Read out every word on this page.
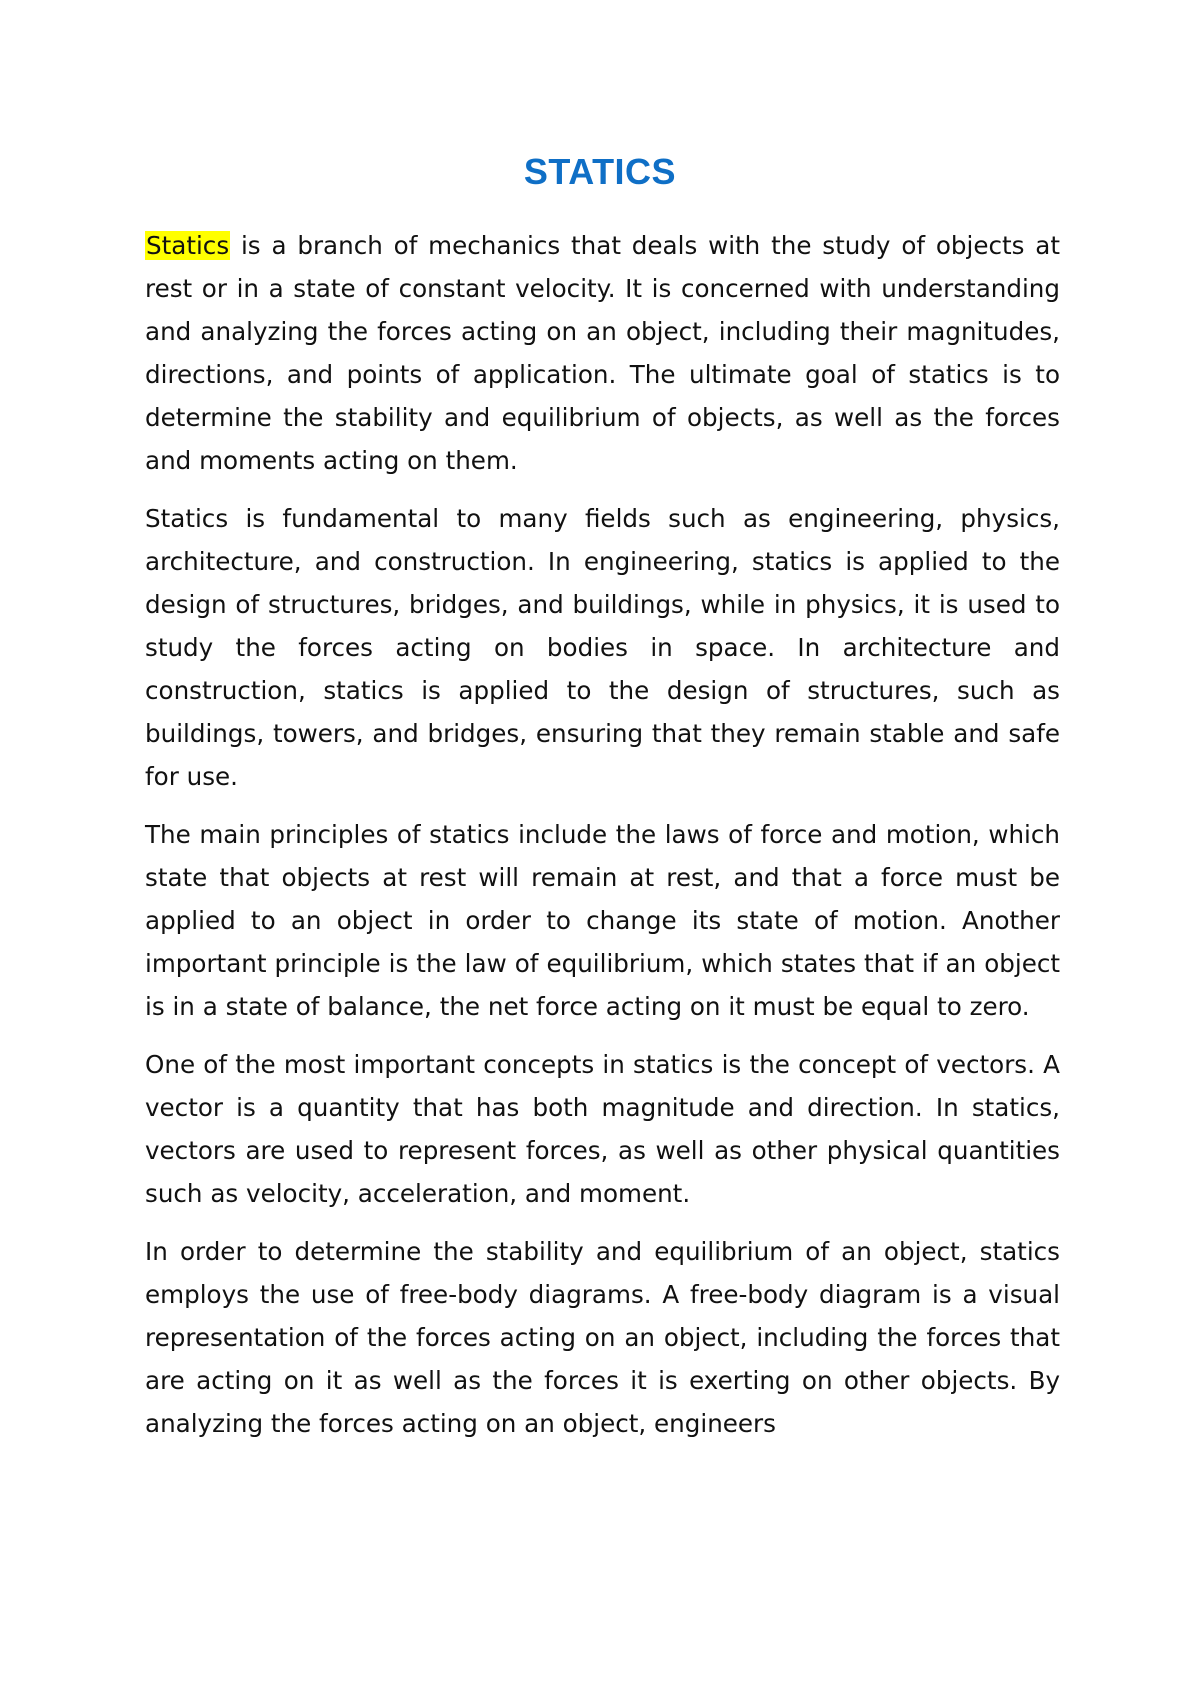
STATICS

Statics is a branch of mechanics that deals with the study of objects at rest or in a state of constant velocity. It is concerned with understanding and analyzing the forces acting on an object, including their magnitudes, directions, and points of application. The ultimate goal of statics is to determine the stability and equilibrium of objects, as well as the forces and moments acting on them.

Statics is fundamental to many fields such as engineering, physics, architecture, and construction. In engineering, statics is applied to the design of structures, bridges, and buildings, while in physics, it is used to study the forces acting on bodies in space. In architecture and construction, statics is applied to the design of structures, such as buildings, towers, and bridges, ensuring that they remain stable and safe for use.

The main principles of statics include the laws of force and motion, which state that objects at rest will remain at rest, and that a force must be applied to an object in order to change its state of motion. Another important principle is the law of equilibrium, which states that if an object is in a state of balance, the net force acting on it must be equal to zero.

One of the most important concepts in statics is the concept of vectors. A vector is a quantity that has both magnitude and direction. In statics, vectors are used to represent forces, as well as other physical quantities such as velocity, acceleration, and moment.

In order to determine the stability and equilibrium of an object, statics employs the use of free-body diagrams. A free-body diagram is a visual representation of the forces acting on an object, including the forces that are acting on it as well as the forces it is exerting on other objects. By analyzing the forces acting on an object, engineers
